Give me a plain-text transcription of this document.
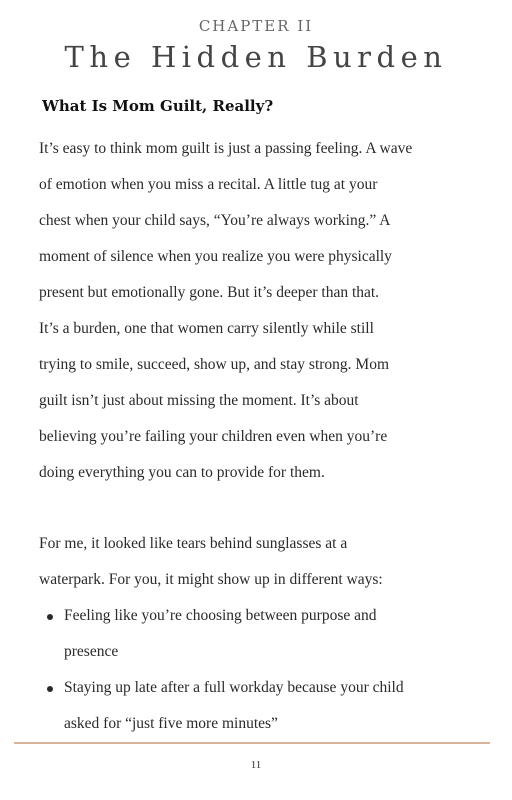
CHAPTER II
The Hidden Burden
What Is Mom Guilt, Really?
It’s easy to think mom guilt is just a passing feeling. A wave
of emotion when you miss a recital. A little tug at your
chest when your child says, “You’re always working.” A
moment of silence when you realize you were physically
present but emotionally gone. But it’s deeper than that.
It’s a burden, one that women carry silently while still
trying to smile, succeed, show up, and stay strong. Mom
guilt isn’t just about missing the moment. It’s about
believing you’re failing your children even when you’re
doing everything you can to provide for them.
For me, it looked like tears behind sunglasses at a
waterpark. For you, it might show up in different ways:
Feeling like you’re choosing between purpose and
presence
Staying up late after a full workday because your child
asked for “just five more minutes”
11
